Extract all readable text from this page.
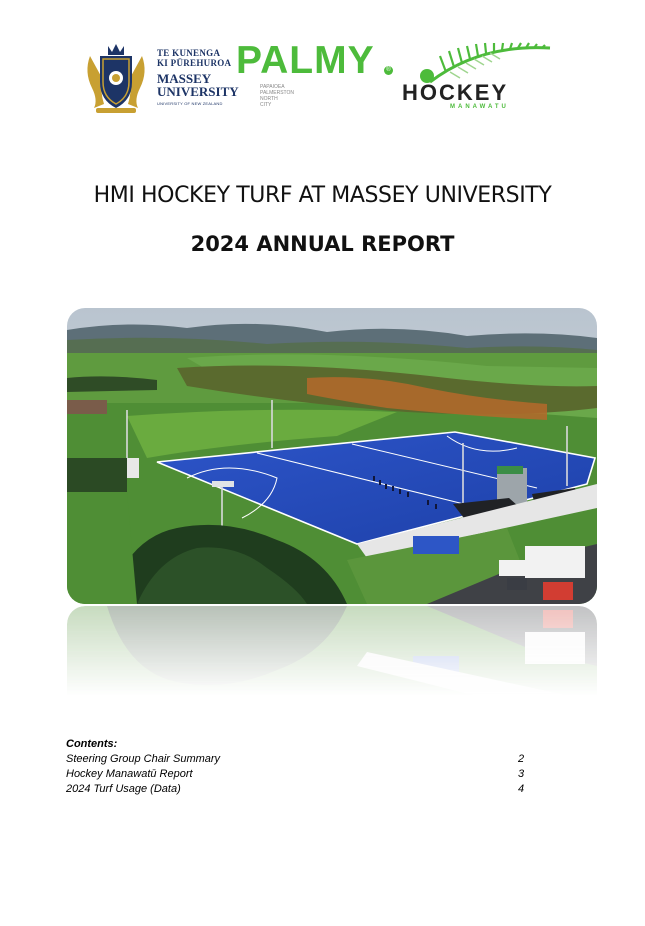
TE KUNENGA
KI PŪREHUROA
MASSEY
UNIVERSITY
UNIVERSITY OF NEW ZEALAND
PALMY	®
PAPAIOEA
PALMERSTON
NORTH
CITY	HOCKEY
MANAWATU
HMI HOCKEY TURF AT MASSEY UNIVERSITY
2024 ANNUAL REPORT
Contents:
Steering Group Chair Summary	2
Hockey Manawatū Report	3
2024 Turf Usage (Data)	4
